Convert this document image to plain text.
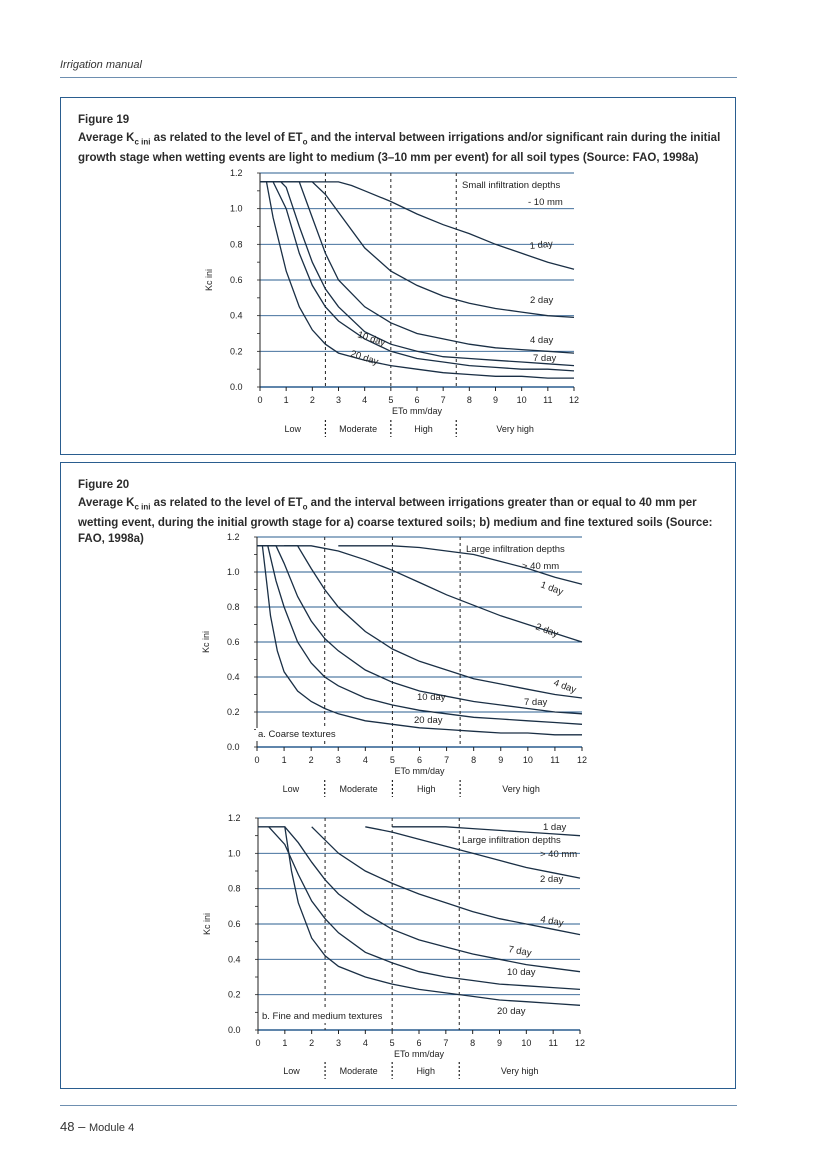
Irrigation manual
Figure 19
Average $K_{c ini}$ as related to the level of $ET_o$ and the interval between irrigations and/or significant rain during the initial growth stage when wetting events are light to medium (3–10 mm per event) for all soil types (Source: FAO, 1998a)
Figure 20
Average $K_{c ini}$ as related to the level of $ET_o$ and the interval between irrigations greater than or equal to 40 mm per wetting event, during the initial growth stage for a) coarse textured soils; b) medium and fine textured soils (Source: FAO, 1998a)
0.0
0.2
0.4
0.6
0.8
1.0
1.2
0 1 2 3 4 5 6 7 8 9 10 11 12
ETo mm/day
Kc ini
Low	Moderate	High	Very high
1 day
2 day
4 day
7 day
10 day
20 day
Small infiltration depths
- 10 mm
0.0
0.2
0.4
0.6
0.8
1.0
1.2
0 1 2 3 4 5 6 7 8 9 10 11 12
ETo mm/day
Kc ini
Low	Moderate	High	Very high
1 day
2 day
4 day
7 day
10 day
20 day
Large infiltration depths
> 40 mm
a. Coarse textures
0.0
0.2
0.4
0.6
0.8
1.0
1.2
0 1 2 3 4 5 6 7 8 9 10 11 12
ETo mm/day
Kc ini
Low	Moderate	High	Very high
1 day
2 day
4 day
7 day
10 day
20 day
Large infiltration depths
> 40 mm
b. Fine and medium textures
48 – Module 4
